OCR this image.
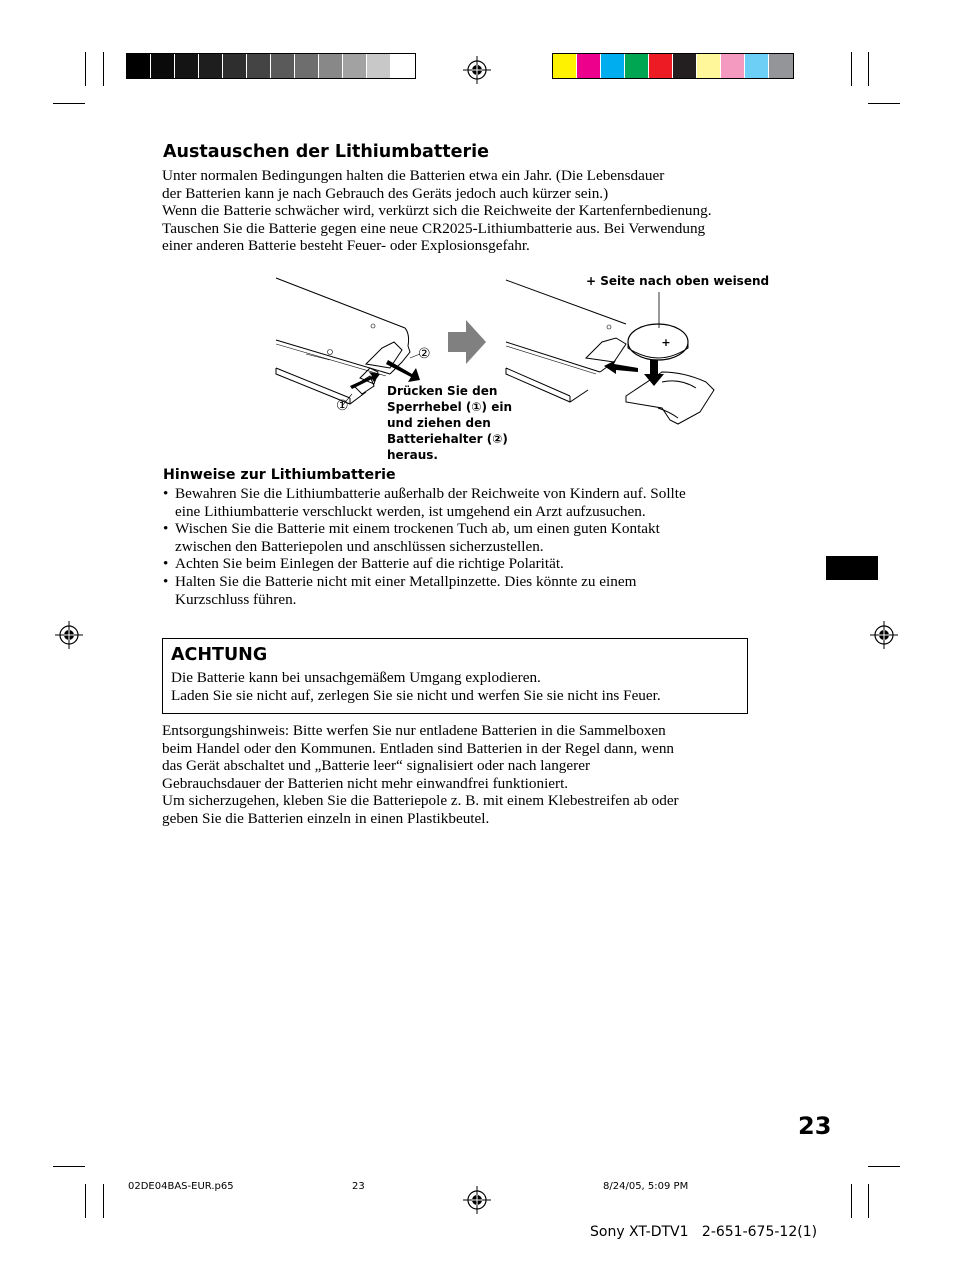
Austauschen der Lithiumbatterie
Unter normalen Bedingungen halten die Batterien etwa ein Jahr. (Die Lebensdauer
der Batterien kann je nach Gebrauch des Geräts jedoch auch kürzer sein.)
Wenn die Batterie schwächer wird, verkürzt sich die Reichweite der Kartenfernbedienung.
Tauschen Sie die Batterie gegen eine neue CR2025-Lithiumbatterie aus. Bei Verwendung
einer anderen Batterie besteht Feuer- oder Explosionsgefahr.
+
+ Seite nach oben weisend
②
①
Drücken Sie den
Sperrhebel (①) ein
und ziehen den
Batteriehalter (②)
heraus.
Hinweise zur Lithiumbatterie
• Bewahren Sie die Lithiumbatterie außerhalb der Reichweite von Kindern auf. Sollte
eine Lithiumbatterie verschluckt werden, ist umgehend ein Arzt aufzusuchen.
• Wischen Sie die Batterie mit einem trockenen Tuch ab, um einen guten Kontakt
zwischen den Batteriepolen und anschlüssen sicherzustellen.
• Achten Sie beim Einlegen der Batterie auf die richtige Polarität.
• Halten Sie die Batterie nicht mit einer Metallpinzette. Dies könnte zu einem
Kurzschluss führen.
ACHTUNG
Die Batterie kann bei unsachgemäßem Umgang explodieren.
Laden Sie sie nicht auf, zerlegen Sie sie nicht und werfen Sie sie nicht ins Feuer.
Entsorgungshinweis: Bitte werfen Sie nur entladene Batterien in die Sammelboxen
beim Handel oder den Kommunen. Entladen sind Batterien in der Regel dann, wenn
das Gerät abschaltet und „Batterie leer“ signalisiert oder nach langerer
Gebrauchsdauer der Batterien nicht mehr einwandfrei funktioniert.
Um sicherzugehen, kleben Sie die Batteriepole z. B. mit einem Klebestreifen ab oder
geben Sie die Batterien einzeln in einen Plastikbeutel.
23
02DE04BAS-EUR.p65	23	8/24/05, 5:09 PM
Sony XT-DTV1 2-651-675-12(1)
